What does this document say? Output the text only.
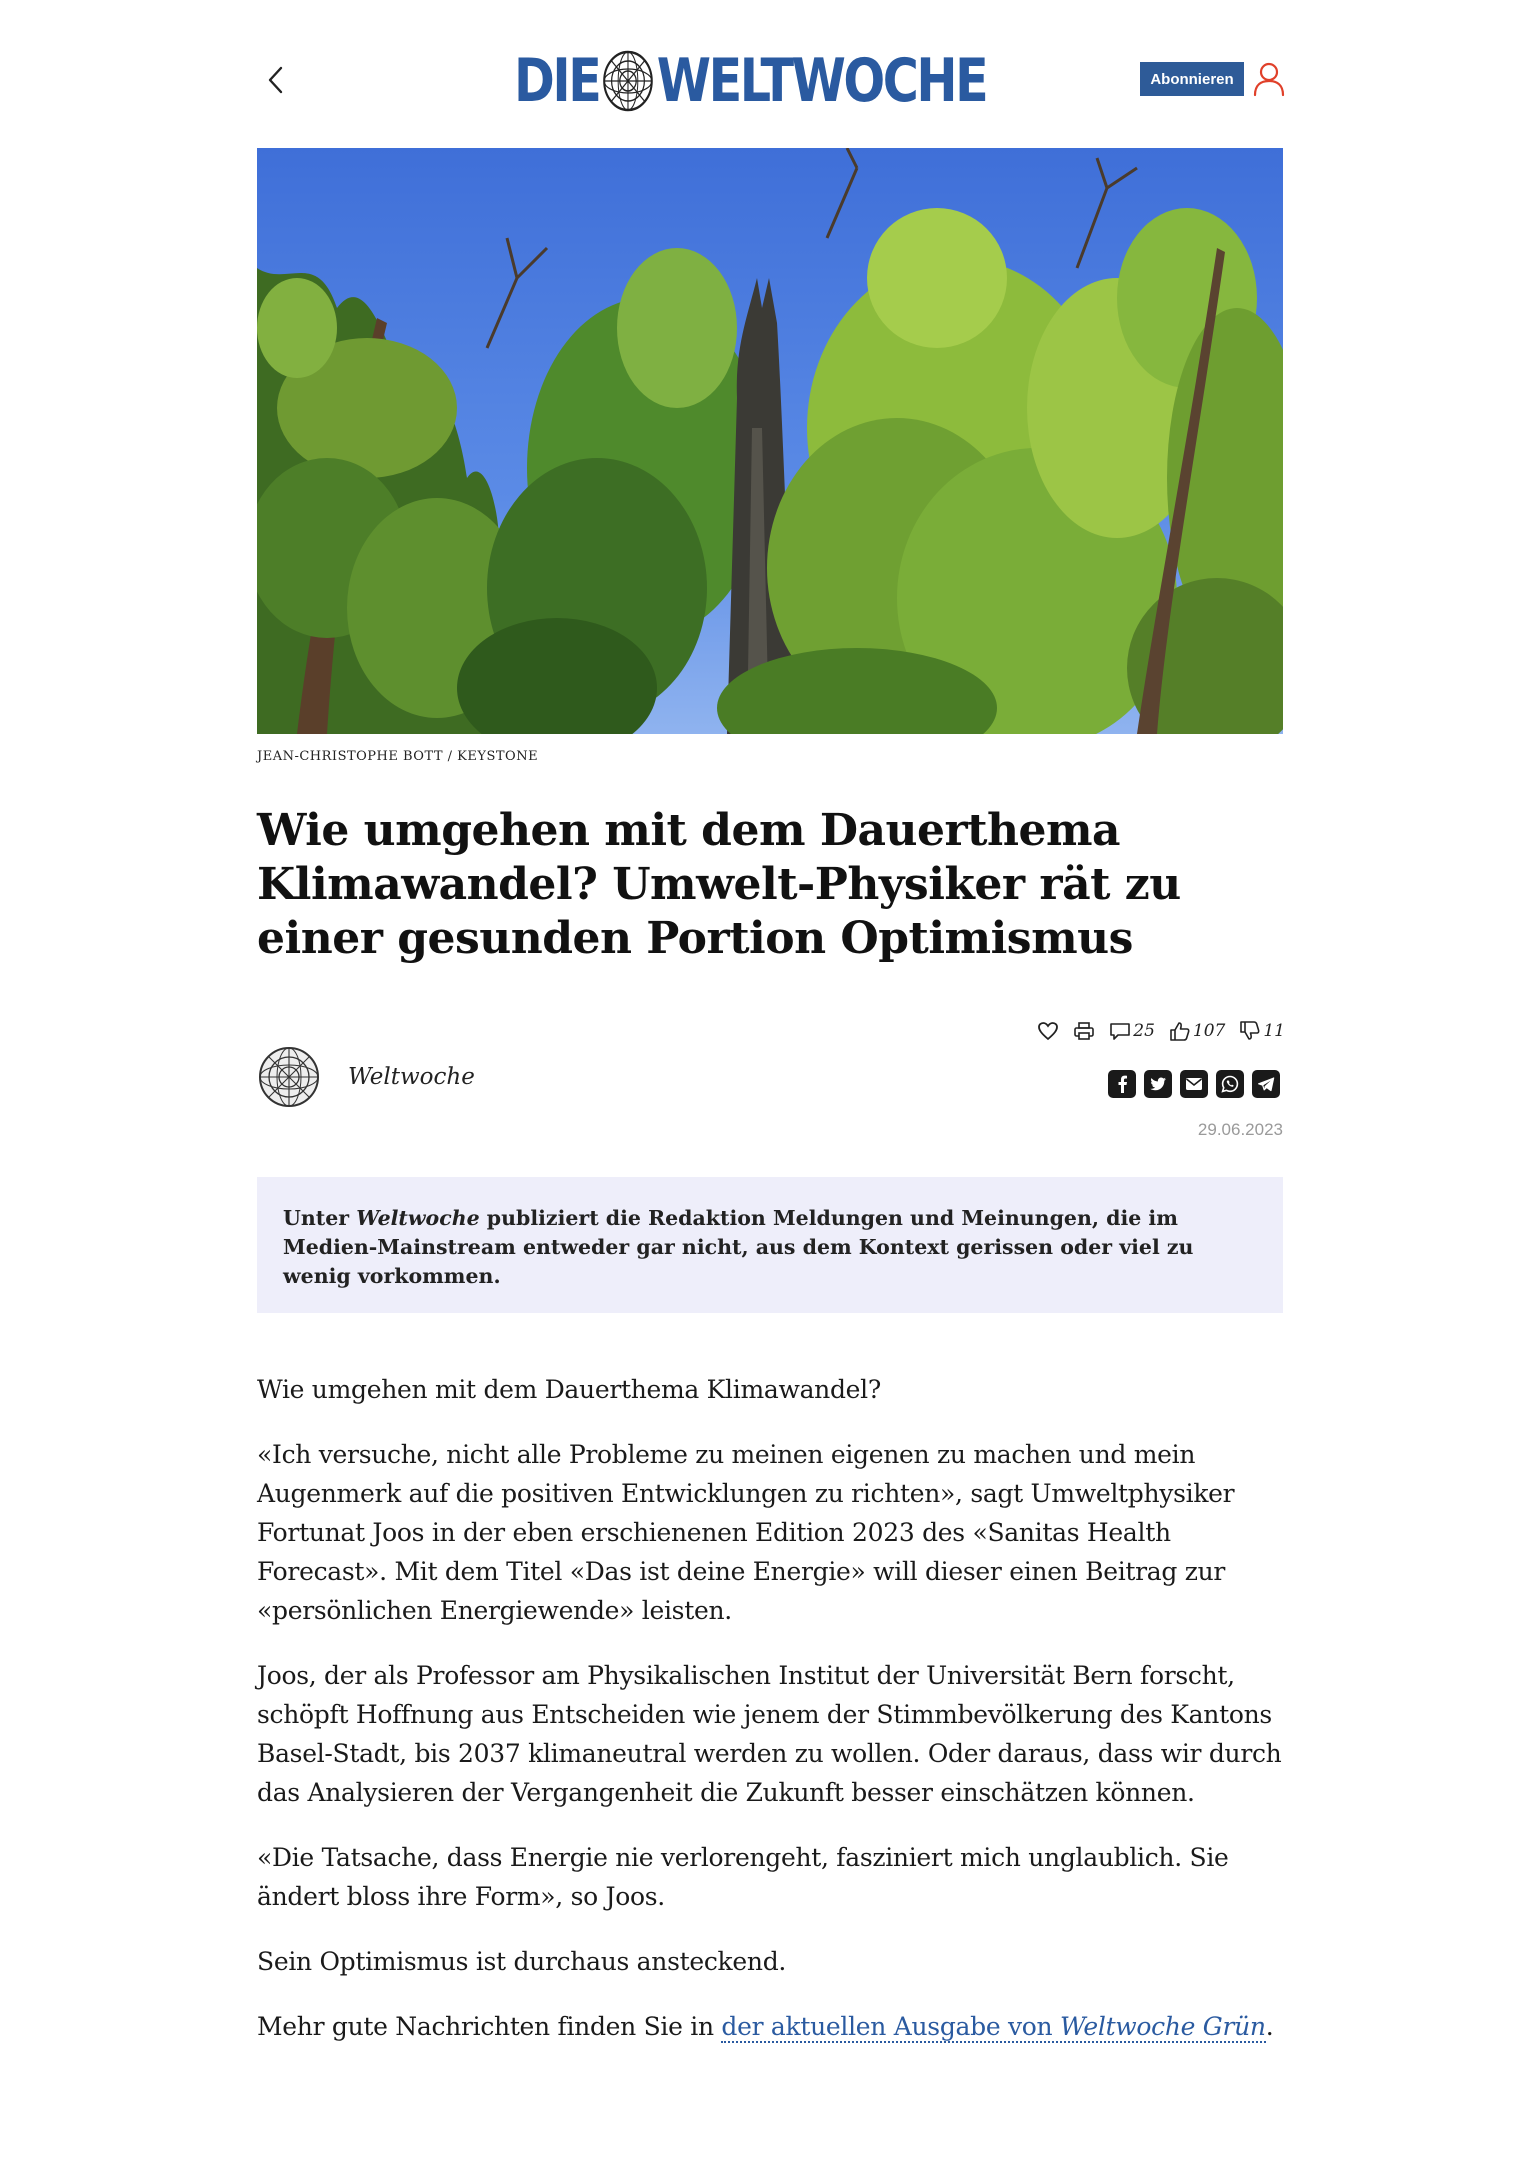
DIE WELTWOCHE	Abonnieren
JEAN-CHRISTOPHE BOTT / KEYSTONE
Wie umgehen mit dem Dauerthema Klimawandel? Umwelt-Physiker rät zu einer gesunden Portion Optimismus
25 107 11
Weltwoche
29.06.2023
Unter Weltwoche publiziert die Redaktion Meldungen und Meinungen, die im Medien-Mainstream entweder gar nicht, aus dem Kontext gerissen oder viel zu wenig vorkommen.

Wie umgehen mit dem Dauerthema Klimawandel?

«Ich versuche, nicht alle Probleme zu meinen eigenen zu machen und mein Augenmerk auf die positiven Entwicklungen zu richten», sagt Umweltphysiker Fortunat Joos in der eben erschienenen Edition 2023 des «Sanitas Health Forecast». Mit dem Titel «Das ist deine Energie» will dieser einen Beitrag zur «persönlichen Energiewende» leisten.

Joos, der als Professor am Physikalischen Institut der Universität Bern forscht, schöpft Hoffnung aus Entscheiden wie jenem der Stimmbevölkerung des Kantons Basel-Stadt, bis 2037 klimaneutral werden zu wollen. Oder daraus, dass wir durch das Analysieren der Vergangenheit die Zukunft besser einschätzen können.

«Die Tatsache, dass Energie nie verlorengeht, fasziniert mich unglaublich. Sie ändert bloss ihre Form», so Joos.

Sein Optimismus ist durchaus ansteckend.

Mehr gute Nachrichten finden Sie in der aktuellen Ausgabe von Weltwoche Grün.
